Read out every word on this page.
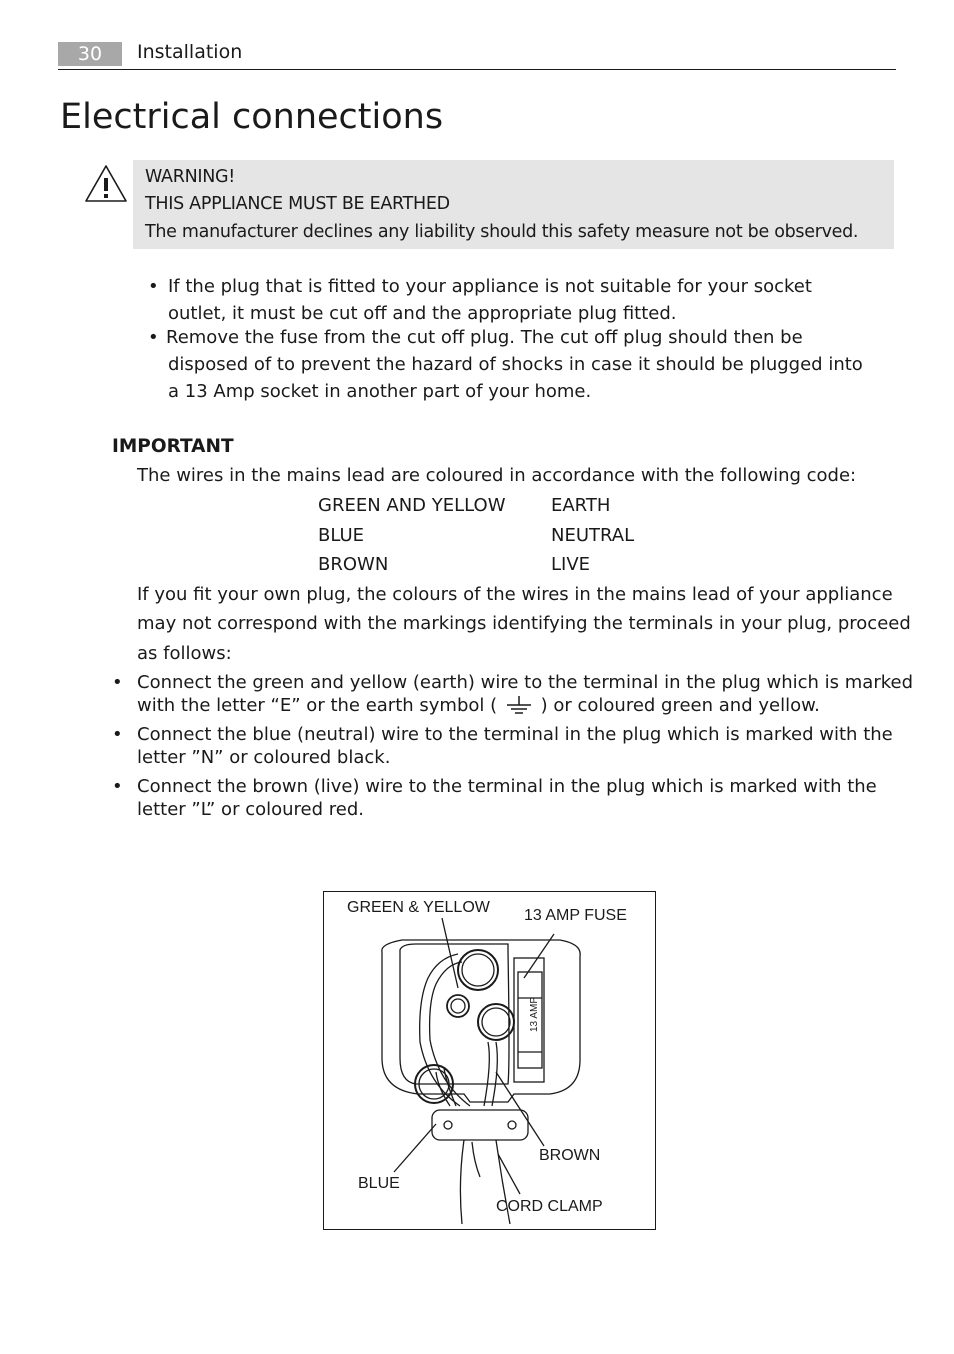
30	Installation
Electrical connections
WARNING!
THIS APPLIANCE MUST BE EARTHED
The manufacturer declines any liability should this safety measure not be observed.
• If the plug that is fitted to your appliance is not suitable for your socket
outlet, it must be cut off and the appropriate plug fitted.
• Remove the fuse from the cut off plug. The cut off plug should then be
disposed of to prevent the hazard of shocks in case it should be plugged into
a 13 Amp socket in another part of your home.
IMPORTANT
The wires in the mains lead are coloured in accordance with the following code:
GREEN AND YELLOW	EARTH
BLUE	NEUTRAL
BROWN	LIVE
If you fit your own plug, the colours of the wires in the mains lead of your appliance
may not correspond with the markings identifying the terminals in your plug, proceed
as follows:
• Connect the green and yellow (earth) wire to the terminal in the plug which is marked
with the letter “E” or the earth symbol ( ) or coloured green and yellow.
• Connect the blue (neutral) wire to the terminal in the plug which is marked with the
letter ”N” or coloured black.
• Connect the brown (live) wire to the terminal in the plug which is marked with the
letter ”L” or coloured red.
GREEN & YELLOW 13 AMP FUSE
13 AMP
BROWN
BLUE
CORD CLAMP
